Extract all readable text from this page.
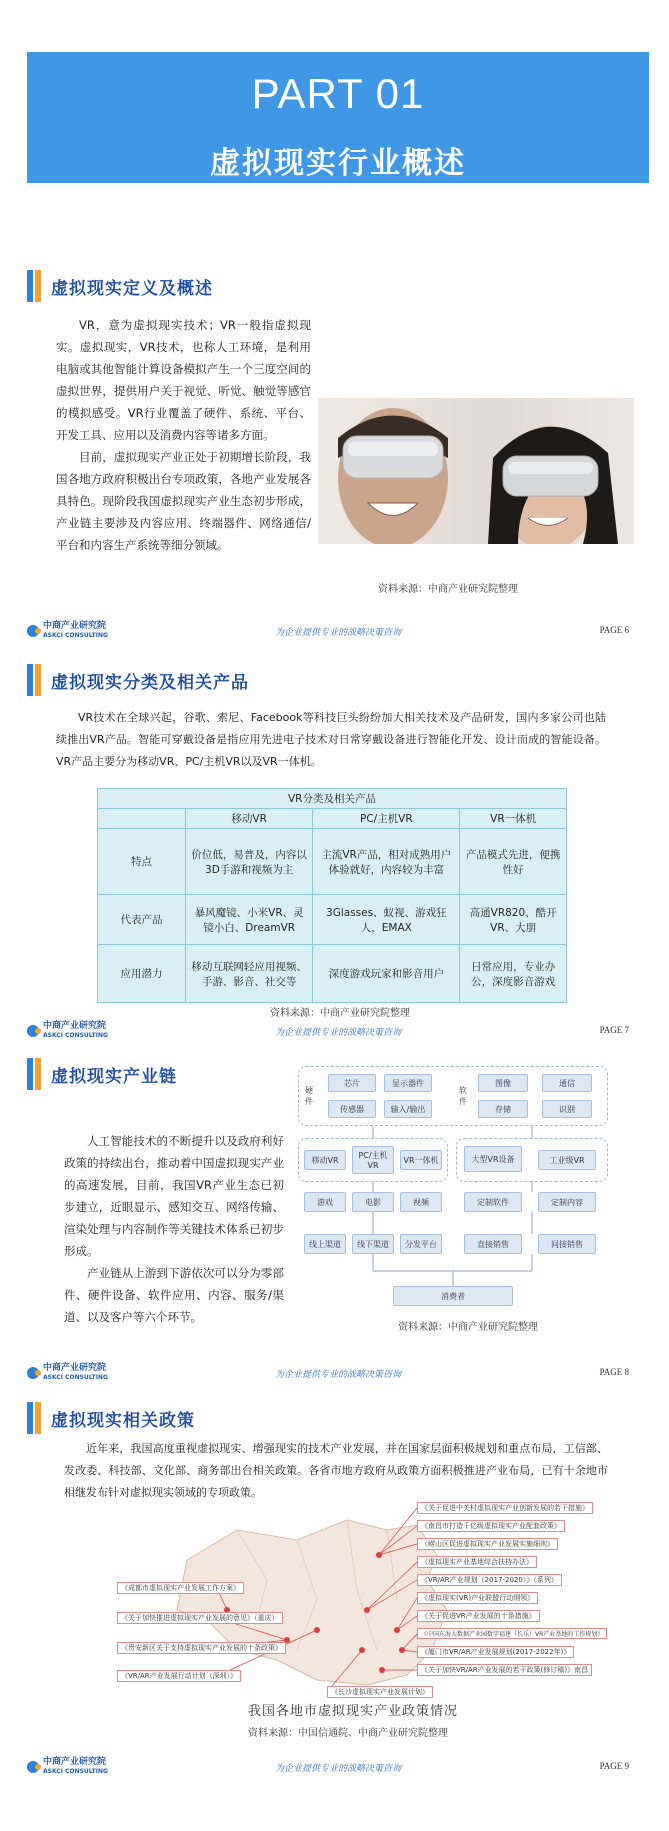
PART 01
虚拟现实行业概述
虚拟现实定义及概述

VR，意为虚拟现实技术；VR一般指虚拟现实。虚拟现实，VR技术，也称人工环境，是利用电脑或其他智能计算设备模拟产生一个三度空间的虚拟世界，提供用户关于视觉、听觉、触觉等感官的模拟感受。VR行业覆盖了硬件、系统、平台、开发工具、应用以及消费内容等诸多方面。

目前，虚拟现实产业正处于初期增长阶段，我国各地方政府积极出台专项政策，各地产业发展各具特色。现阶段我国虚拟现实产业生态初步形成，产业链主要涉及内容应用、终端器件、网络通信/平台和内容生产系统等细分领域。

资料来源：中商产业研究院整理
中商产业研究院
ASKCI CONSULTING	为企业提供专业的战略决策咨询	PAGE 6
虚拟现实分类及相关产品

VR技术在全球兴起，谷歌、索尼、Facebook等科技巨头纷纷加大相关技术及产品研发，国内多家公司也陆续推出VR产品。智能可穿戴设备是指应用先进电子技术对日常穿戴设备进行智能化开发、设计而成的智能设备。VR产品主要分为移动VR、PC/主机VR以及VR一体机。

VR分类及相关产品			
	移动VR	PC/主机VR	VR一体机
特点	价位低，易普及，内容以3D手游和视频为主	主流VR产品，相对成熟用户体验就好，内容较为丰富	产品模式先进，便携性好
代表产品	暴风魔镜、小米VR、灵镜小白、DreamVR	3Glasses、蚁视、游戏狂人，EMAX	高通VR820、酷开VR、大朋
应用潜力	移动互联网轻应用视频、手游、影音、社交等	深度游戏玩家和影音用户	日常应用，专业办公，深度影音游戏
资料来源：中商产业研究院整理
中商产业研究院
ASKCI CONSULTING	为企业提供专业的战略决策咨询	PAGE 7
虚拟现实产业链

人工智能技术的不断提升以及政府利好政策的持续出台，推动着中国虚拟现实产业的高速发展，目前，我国VR产业生态已初步建立，近眼显示、感知交互、网络传输、渲染处理与内容制作等关键技术体系已初步形成。

产业链从上游到下游依次可以分为零部件、硬件设备、软件应用、内容、服务/渠道、以及客户等六个环节。

硬件
芯片	显示器件
传感器	输入/输出
软件
图像	通信
存储	识别
移动VR	PC/主机VR
VR一体机	大型VR设备	工业级VR
游戏	电影	视频	定制软件	定制内容
线上渠道	线下渠道	分发平台	直接销售	间接销售
消费者
资料来源：中商产业研究院整理
中商产业研究院
ASKCI CONSULTING	为企业提供专业的战略决策咨询	PAGE 8
虚拟现实相关政策

近年来，我国高度重视虚拟现实、增强现实的技术产业发展，并在国家层面积极规划和重点布局，工信部、发改委、科技部、文化部、商务部出台相关政策。各省市地方政府从政策方面积极推进产业布局，已有十余地市相继发布针对虚拟现实领域的专项政策。

《关于促进中关村虚拟现实产业创新发展的若干措施》
《南昌市打造千亿级虚拟现实产业配套政策》
《崂山区促进虚拟现实产业发展实施细则》
《虚拟现实产业基地综合扶持办法》
《VR/AR产业规划（2017-2020）》（系列）
《虚拟现实(VR)产业联盟行动纲领》
《成都市虚拟现实产业发展工作方案》
《关于促进VR产业发展的十条措施》
《中国东海大数据产业园数字福建（长乐）VR产业基地的工作规划》
《厦门市VR/AR产业发展规划(2017-2022年)》
《关于加快推进虚拟现实产业发展的意见》（重庆）
《关于加快VR/AR产业发展的若干政策(修订稿)》南昌
《贵安新区关于支持虚拟现实产业发展的十条政策》
《长沙虚拟现实产业发展计划》
《VR/AR产业发展行动计划（深圳）》
我国各地市虚拟现实产业政策情况
资料来源：中国信通院、中商产业研究院整理
中商产业研究院
ASKCI CONSULTING	为企业提供专业的战略决策咨询	PAGE 9
